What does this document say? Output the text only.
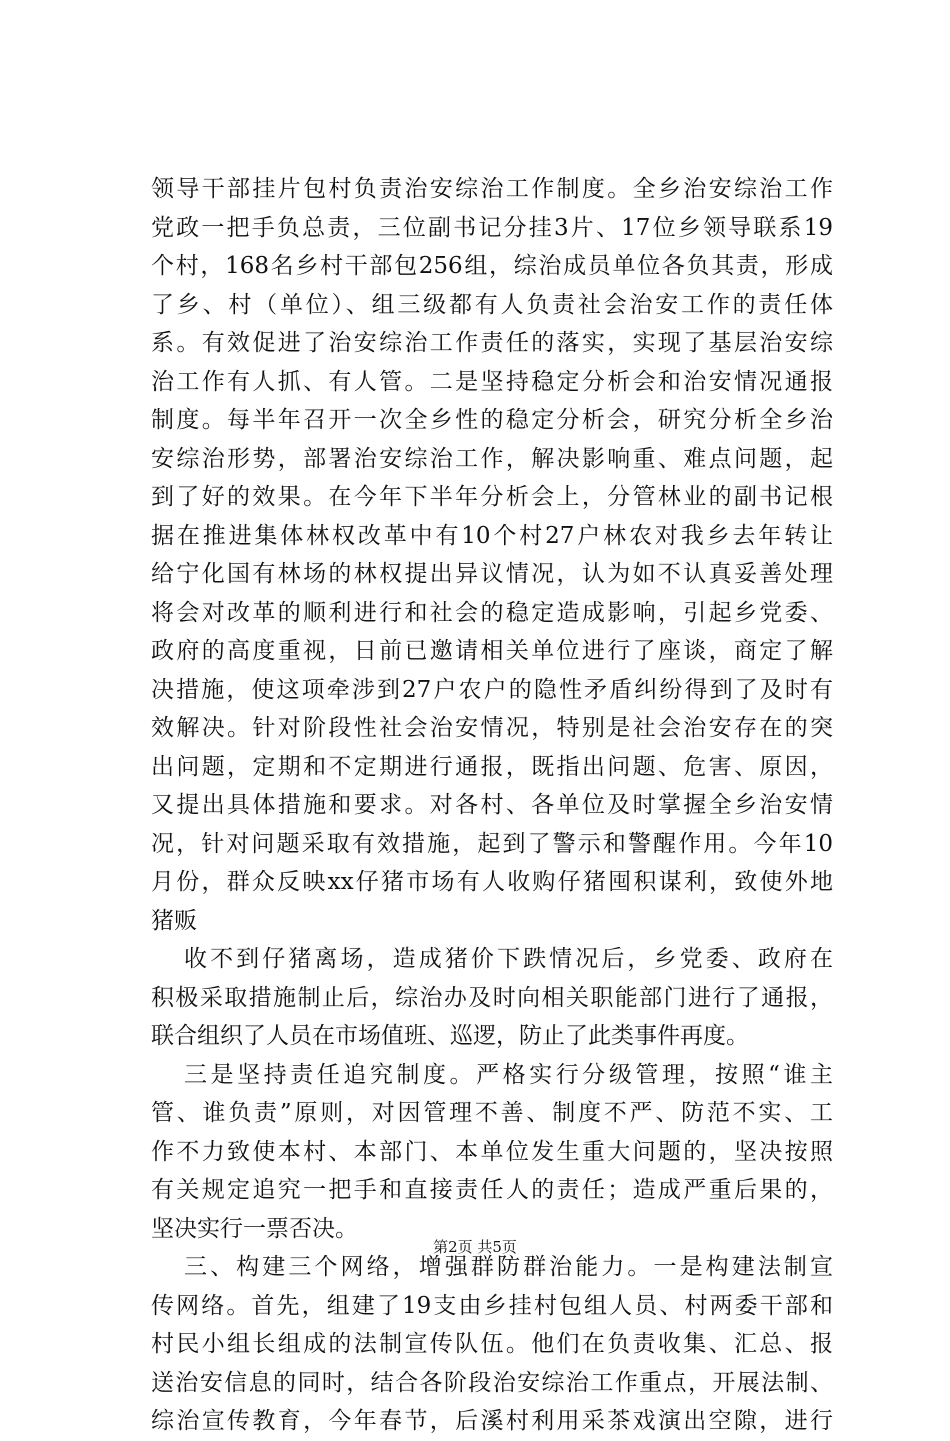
领导干部挂片包村负责治安综治工作制度。全乡治安综治工作
党政一把手负总责，三位副书记分挂3片、17位乡领导联系19
个村，168名乡村干部包256组，综治成员单位各负其责，形成
了乡、村（单位）、组三级都有人负责社会治安工作的责任体
系。有效促进了治安综治工作责任的落实，实现了基层治安综
治工作有人抓、有人管。二是坚持稳定分析会和治安情况通报
制度。每半年召开一次全乡性的稳定分析会，研究分析全乡治
安综治形势，部署治安综治工作，解决影响重、难点问题，起
到了好的效果。在今年下半年分析会上，分管林业的副书记根
据在推进集体林权改革中有10个村27户林农对我乡去年转让
给宁化国有林场的林权提出异议情况，认为如不认真妥善处理
将会对改革的顺利进行和社会的稳定造成影响，引起乡党委、
政府的高度重视，日前已邀请相关单位进行了座谈，商定了解
决措施，使这项牵涉到27户农户的隐性矛盾纠纷得到了及时有
效解决。针对阶段性社会治安情况，特别是社会治安存在的突
出问题，定期和不定期进行通报，既指出问题、危害、原因，
又提出具体措施和要求。对各村、各单位及时掌握全乡治安情
况，针对问题采取有效措施，起到了警示和警醒作用。今年10
月份，群众反映xx仔猪市场有人收购仔猪囤积谋利，致使外地
猪贩
收不到仔猪离场，造成猪价下跌情况后，乡党委、政府在
积极采取措施制止后，综治办及时向相关职能部门进行了通报，
联合组织了人员在市场值班、巡逻，防止了此类事件再度。
三是坚持责任追究制度。严格实行分级管理，按照“谁主
管、谁负责”原则，对因管理不善、制度不严、防范不实、工
作不力致使本村、本部门、本单位发生重大问题的，坚决按照
有关规定追究一把手和直接责任人的责任；造成严重后果的，
坚决实行一票否决。
三、构建三个网络，增强群防群治能力。一是构建法制宣
传网络。首先，组建了19支由乡挂村包组人员、村两委干部和
村民小组长组成的法制宣传队伍。他们在负责收集、汇总、报
送治安信息的同时，结合各阶段治安综治工作重点，开展法制、
综治宣传教育，今年春节，后溪村利用采茶戏演出空隙，进行
第2页 共5页
